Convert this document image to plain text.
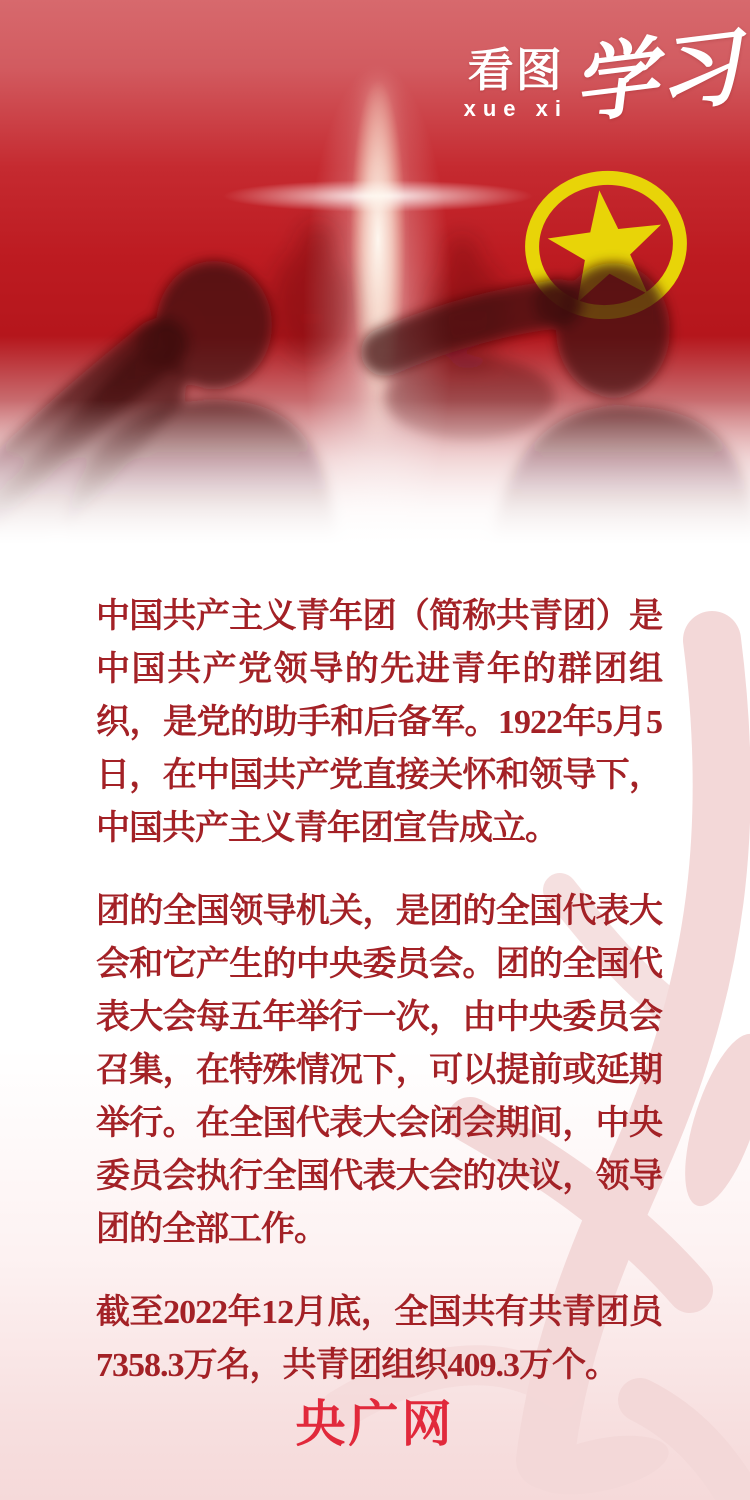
看图
xue xi 学习

中国共产主义青年团（简称共青团）是中国共产党领导的先进青年的群团组织，是党的助手和后备军。1922年5月5日，在中国共产党直接关怀和领导下，中国共产主义青年团宣告成立。

团的全国领导机关，是团的全国代表大会和它产生的中央委员会。团的全国代表大会每五年举行一次，由中央委员会召集，在特殊情况下，可以提前或延期举行。在全国代表大会闭会期间，中央委员会执行全国代表大会的决议，领导团的全部工作。

截至2022年12月底，全国共有共青团员7358.3万名，共青团组织409.3万个。

央广网
